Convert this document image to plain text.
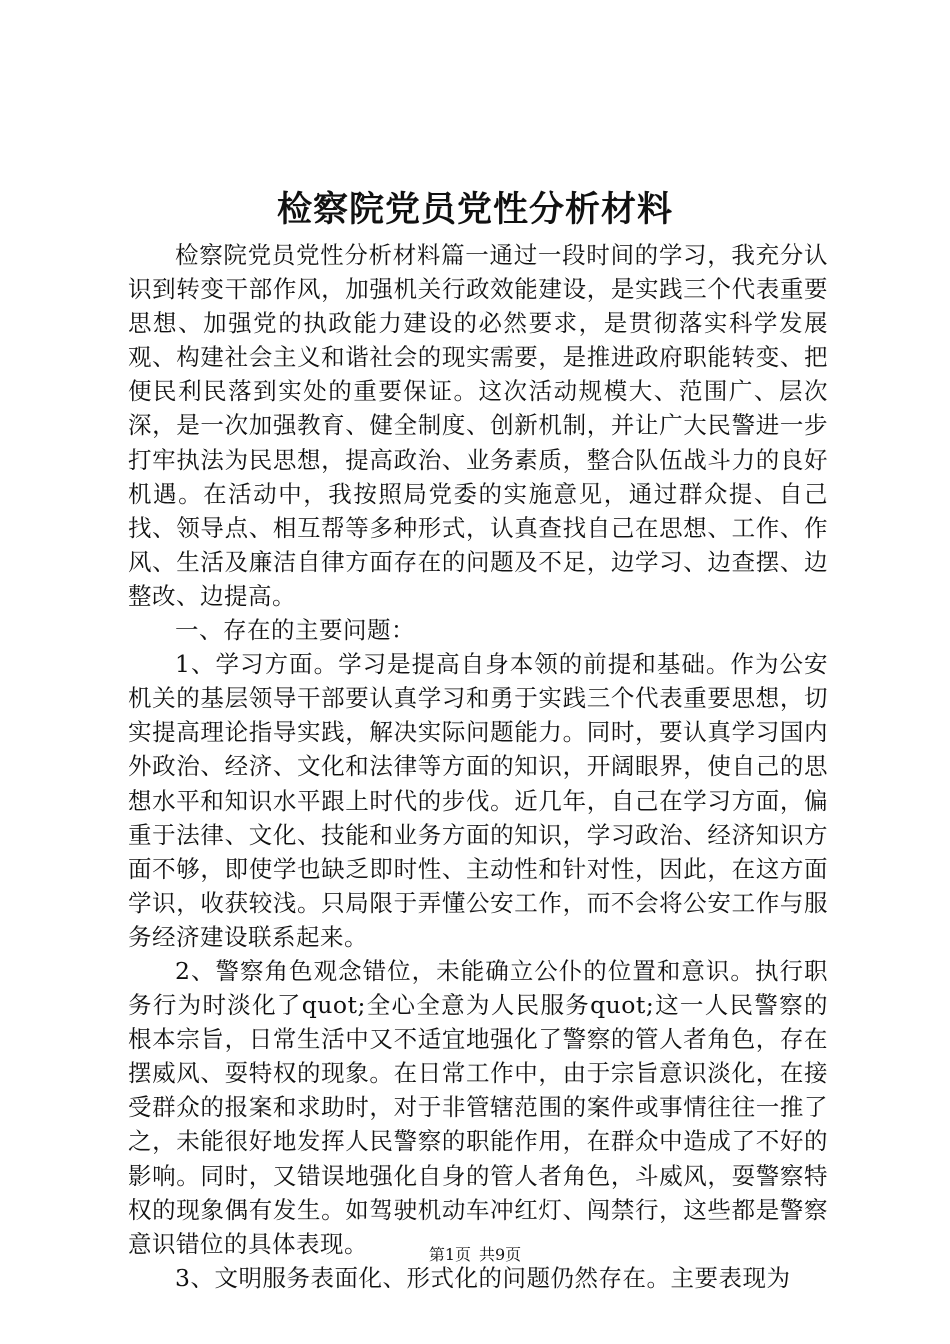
检察院党员党性分析材料

检察院党员党性分析材料篇一通过一段时间的学习，我充分认识到转变干部作风，加强机关行政效能建设，是实践三个代表重要思想、加强党的执政能力建设的必然要求，是贯彻落实科学发展观、构建社会主义和谐社会的现实需要，是推进政府职能转变、把便民利民落到实处的重要保证。这次活动规模大、范围广、层次深，是一次加强教育、健全制度、创新机制，并让广大民警进一步打牢执法为民思想，提高政治、业务素质，整合队伍战斗力的良好机遇。在活动中，我按照局党委的实施意见，通过群众提、自己找、领导点、相互帮等多种形式，认真查找自己在思想、工作、作风、生活及廉洁自律方面存在的问题及不足，边学习、边查摆、边整改、边提高。

一、存在的主要问题：

1、学习方面。学习是提高自身本领的前提和基础。作为公安机关的基层领导干部要认真学习和勇于实践三个代表重要思想，切实提高理论指导实践，解决实际问题能力。同时，要认真学习国内外政治、经济、文化和法律等方面的知识，开阔眼界，使自己的思想水平和知识水平跟上时代的步伐。近几年，自己在学习方面，偏重于法律、文化、技能和业务方面的知识，学习政治、经济知识方面不够，即使学也缺乏即时性、主动性和针对性，因此，在这方面学识，收获较浅。只局限于弄懂公安工作，而不会将公安工作与服务经济建设联系起来。

2、警察角色观念错位，未能确立公仆的位置和意识。执行职务行为时淡化了quot;全心全意为人民服务quot;这一人民警察的根本宗旨，日常生活中又不适宜地强化了警察的管人者角色，存在摆威风、耍特权的现象。在日常工作中，由于宗旨意识淡化，在接受群众的报案和求助时，对于非管辖范围的案件或事情往往一推了之，未能很好地发挥人民警察的职能作用，在群众中造成了不好的影响。同时，又错误地强化自身的管人者角色，斗威风，耍警察特权的现象偶有发生。如驾驶机动车冲红灯、闯禁行，这些都是警察意识错位的具体表现。

3、文明服务表面化、形式化的问题仍然存在。主要表现为

第1页 共9页
